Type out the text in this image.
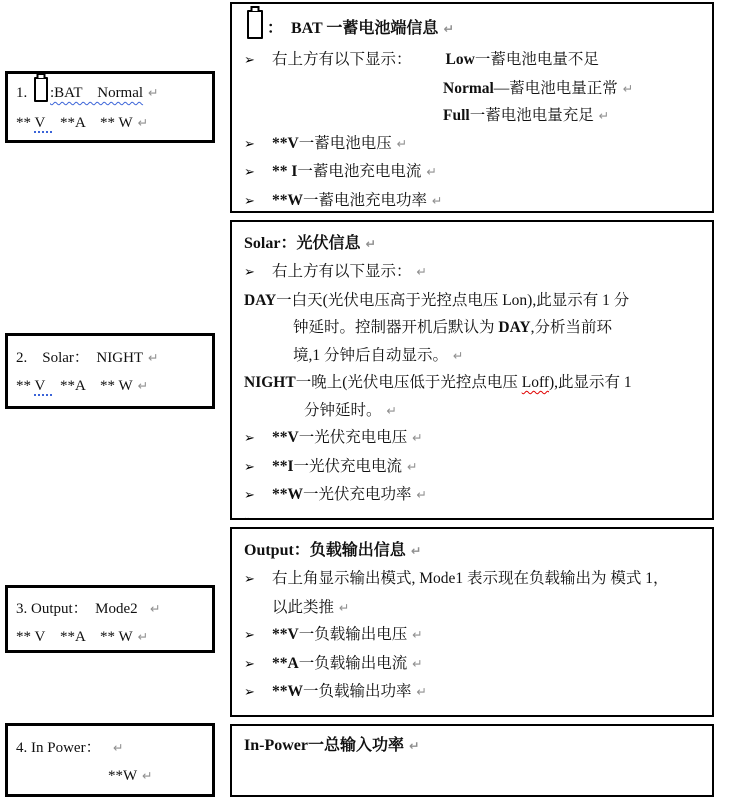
1. :BAT    Normal ↵
** V    **A    ** W ↵
2.    Solar：  NIGHT ↵
** V    **A    ** W ↵
3. Output：  Mode2  ↵
** V    **A    ** W ↵
4. In Power：  ↵
**W ↵
：  BAT 一蓄电池端信息 ↵
➢ 右上方有以下显示： Low一蓄电池电量不足
Normal—蓄电池电量正常 ↵
Full一蓄电池电量充足 ↵
➢ **V一蓄电池电压 ↵
➢ ** I一蓄电池充电电流 ↵
➢ **W一蓄电池充电功率 ↵
Solar：光伏信息 ↵
➢ 右上方有以下显示： ↵
DAY一白天(光伏电压高于光控点电压 Lon),此显示有 1 分
钟延时。控制器开机后默认为 DAY,分析当前环
境,1 分钟后自动显示。 ↵
NIGHT一晚上(光伏电压低于光控点电压 Loff),此显示有 1
分钟延时。 ↵
➢ **V一光伏充电电压 ↵
➢ **I一光伏充电电流 ↵
➢ **W一光伏充电功率 ↵
..
Output：负载输出信息 ↵
➢ 右上角显示输出模式, Mode1 表示现在负载输出为 模式 1，
以此类推 ↵
➢ **V一负载输出电压 ↵
➢ **A一负载输出电流 ↵
➢ **W一负载输出功率 ↵
In-Power一总输入功率 ↵
